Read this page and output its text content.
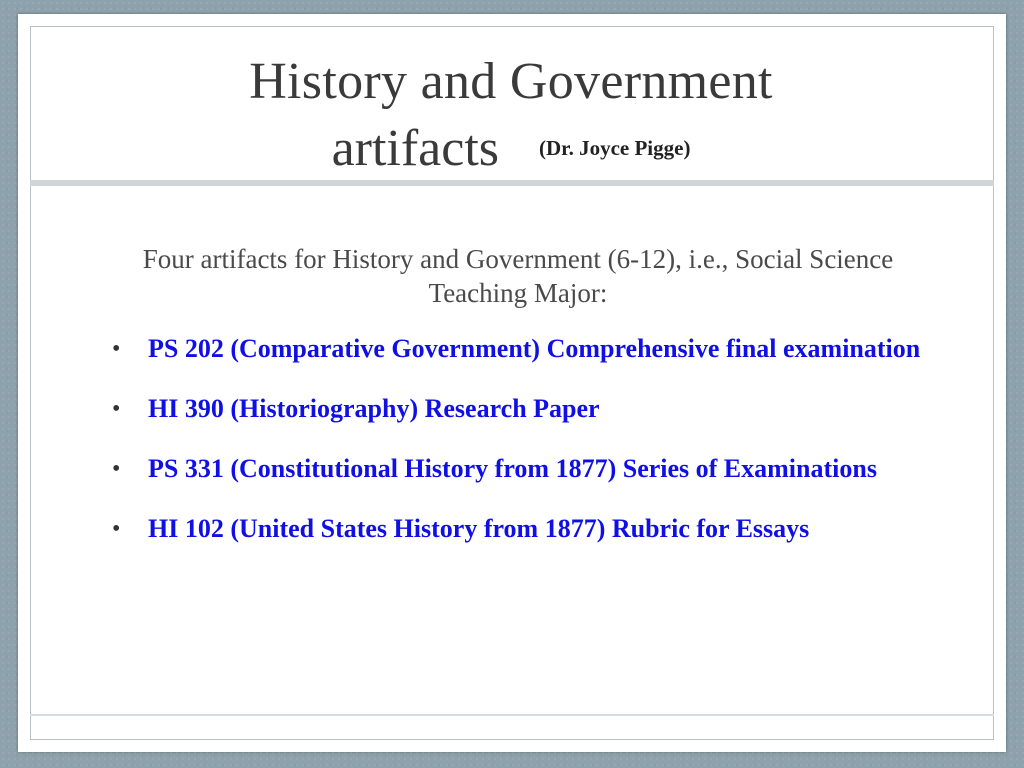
History and Government
artifacts (Dr. Joyce Pigge)
Four artifacts for History and Government (6-12), i.e., Social Science Teaching Major:
• PS 202 (Comparative Government) Comprehensive final examination
• HI 390 (Historiography) Research Paper
• PS 331 (Constitutional History from 1877) Series of Examinations
• HI 102 (United States History from 1877) Rubric for Essays
